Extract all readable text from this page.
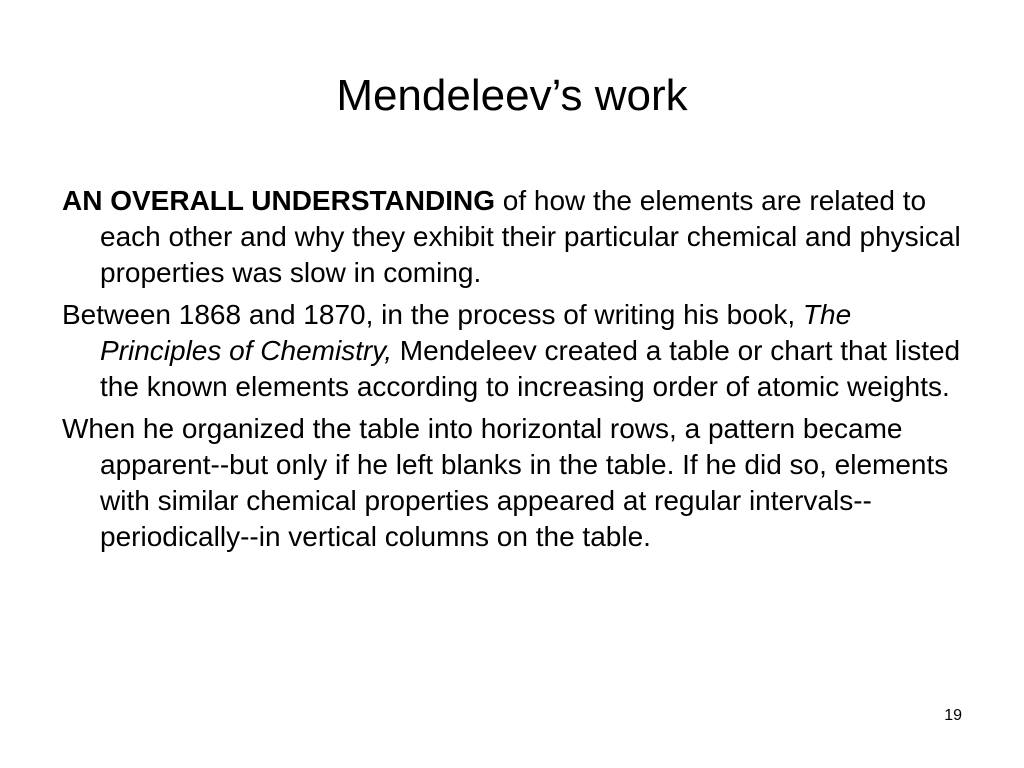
Mendeleev’s work

AN OVERALL UNDERSTANDING of how the elements are related to each other and why they exhibit their particular chemical and physical properties was slow in coming.

Between 1868 and 1870, in the process of writing his book, The Principles of Chemistry, Mendeleev created a table or chart that listed the known elements according to increasing order of atomic weights.

When he organized the table into horizontal rows, a pattern became apparent--but only if he left blanks in the table. If he did so, elements with similar chemical properties appeared at regular intervals--periodically--in vertical columns on the table.

19
